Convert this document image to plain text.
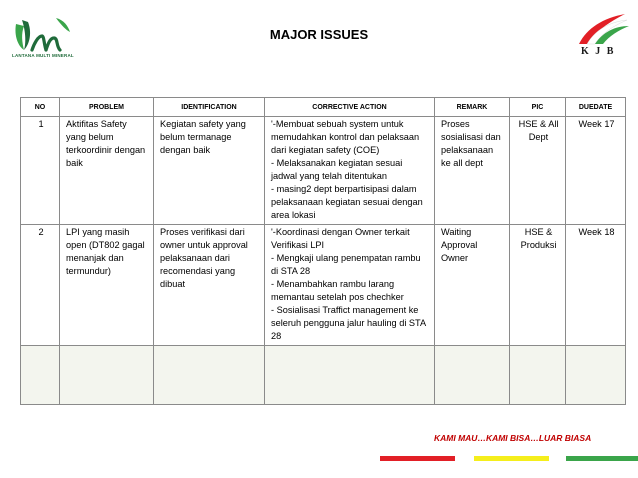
LANTANA MULTI MINERAL
MAJOR ISSUES
K J B
NO	PROBLEM	IDENTIFICATION	CORRECTIVE ACTION	REMARK	PIC	DUEDATE
1	Aktifitas Safety yang belum terkoordinir dengan baik	Kegiatan safety yang belum termanage dengan baik	'-Membuat sebuah system untuk memudahkan kontrol dan pelaksaan dari kegiatan safety (COE)
- Melaksanakan kegiatan sesuai jadwal yang telah ditentukan
- masing2 dept berpartisipasi dalam pelaksanaan kegiatan sesuai dengan area lokasi	Proses sosialisasi dan pelaksanaan ke all dept	HSE & All Dept	Week 17
2	LPI yang masih open (DT802 gagal menanjak dan termundur)	Proses verifikasi dari owner untuk approval pelaksanaan dari recomendasi yang dibuat	'-Koordinasi dengan Owner terkait Verifikasi LPI
- Mengkaji ulang penempatan rambu di STA 28
- Menambahkan rambu larang memantau setelah pos chechker
- Sosialisasi Traffict management ke seleruh pengguna jalur hauling di STA 28	Waiting Approval Owner	HSE & Produksi	Week 18

KAMI MAU…KAMI BISA…LUAR BIASA
